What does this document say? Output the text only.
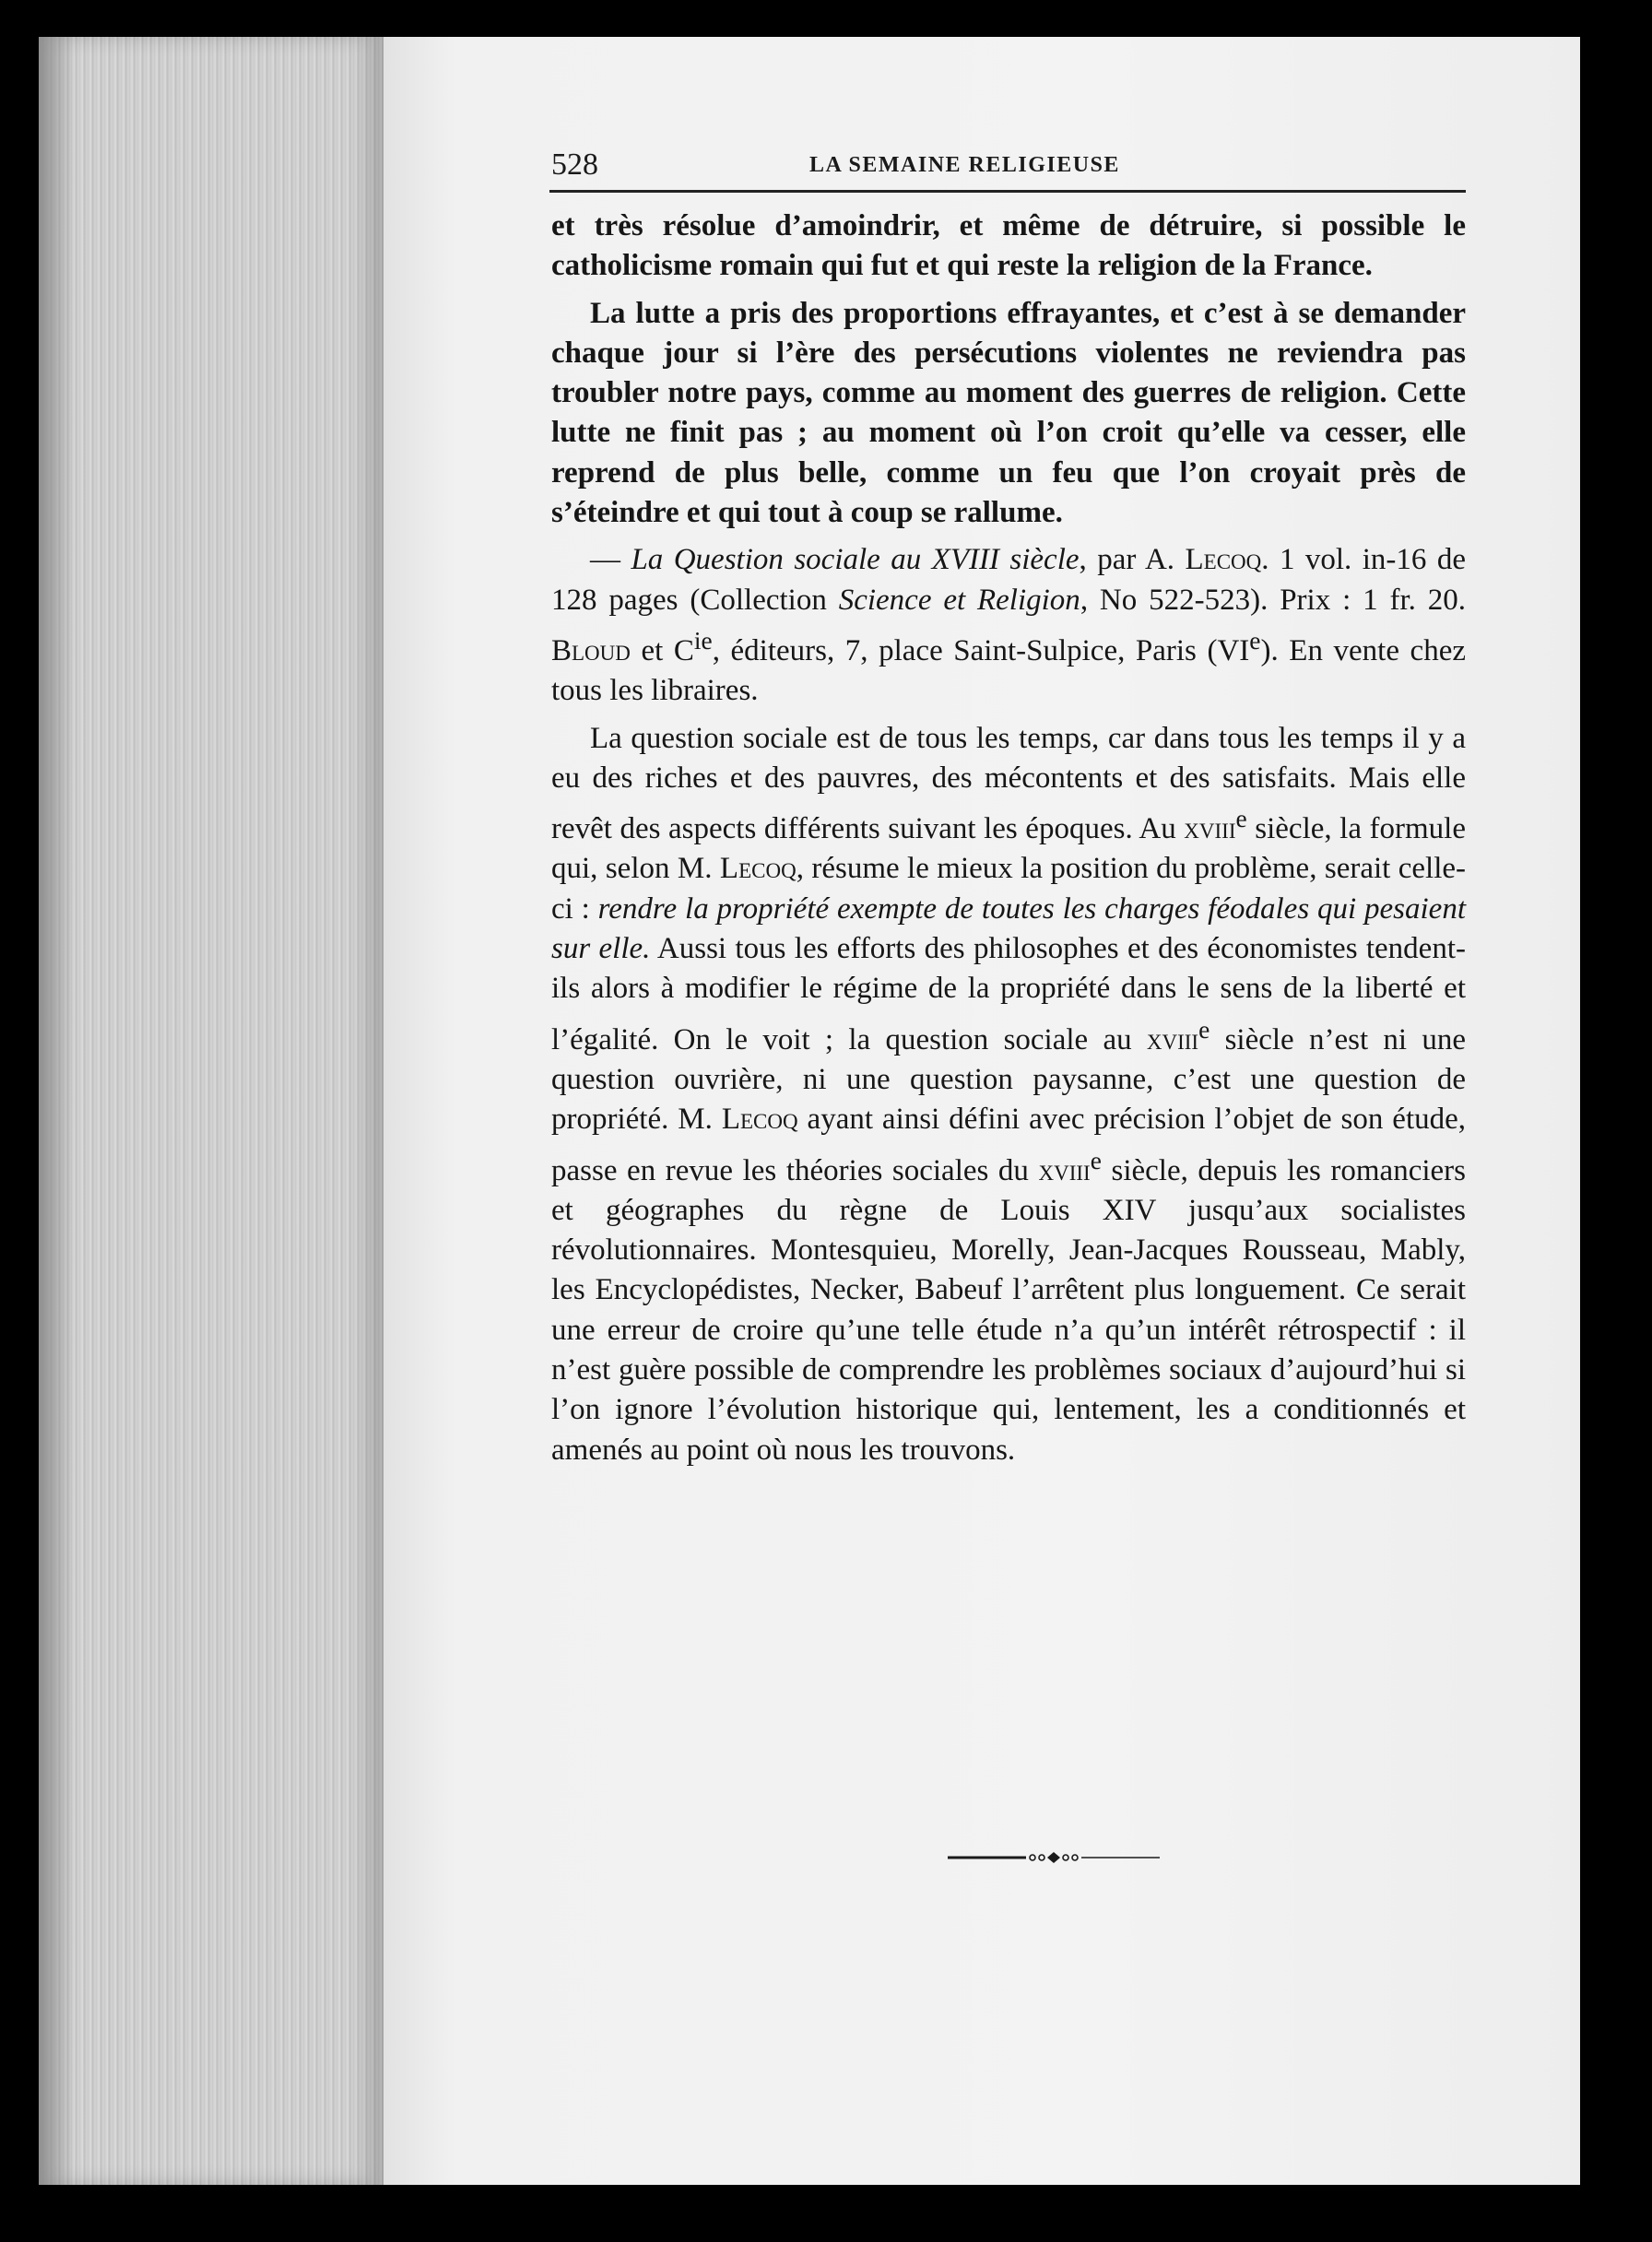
528	LA SEMAINE RELIGIEUSE

et très résolue d’amoindrir, et même de détruire, si possible le catholicisme romain qui fut et qui reste la religion de la France.

La lutte a pris des proportions effrayantes, et c’est à se demander chaque jour si l’ère des persécutions violentes ne reviendra pas troubler notre pays, comme au moment des guerres de religion. Cette lutte ne finit pas ; au moment où l’on croit qu’elle va cesser, elle reprend de plus belle, comme un feu que l’on croyait près de s’éteindre et qui tout à coup se rallume.

— La Question sociale au XVIII siècle, par A. Lecoq. 1 vol. in-16 de 128 pages (Collection Science et Religion, No 522-523). Prix : 1 fr. 20. Bloud et $C^{ie}$, éditeurs, 7, place Saint-Sulpice, Paris (VIe). En vente chez tous les libraires.

La question sociale est de tous les temps, car dans tous les temps il y a eu des riches et des pauvres, des mécontents et des satisfaits. Mais elle revêt des aspects différents suivant les époques. Au xviii$^e$ siècle, la formule qui, selon M. Lecoq, résume le mieux la position du problème, serait celle-ci : rendre la propriété exempte de toutes les charges féodales qui pesaient sur elle. Aussi tous les efforts des philosophes et des économistes tendent-ils alors à modifier le régime de la propriété dans le sens de la liberté et l’égalité. On le voit ; la question sociale au xviii$^e$ siècle n’est ni une question ouvrière, ni une question paysanne, c’est une question de propriété. M. Lecoq ayant ainsi défini avec précision l’objet de son étude, passe en revue les théories sociales du xviii$^e$ siècle, depuis les romanciers et géographes du règne de Louis XIV jusqu’aux socialistes révolutionnaires. Montesquieu, Morelly, Jean-Jacques Rousseau, Mably, les Encyclopédistes, Necker, Babeuf l’arrêtent plus longuement. Ce serait une erreur de croire qu’une telle étude n’a qu’un intérêt rétrospectif : il n’est guère possible de comprendre les problèmes sociaux d’aujourd’hui si l’on ignore l’évolution historique qui, lentement, les a conditionnés et amenés au point où nous les trouvons.
